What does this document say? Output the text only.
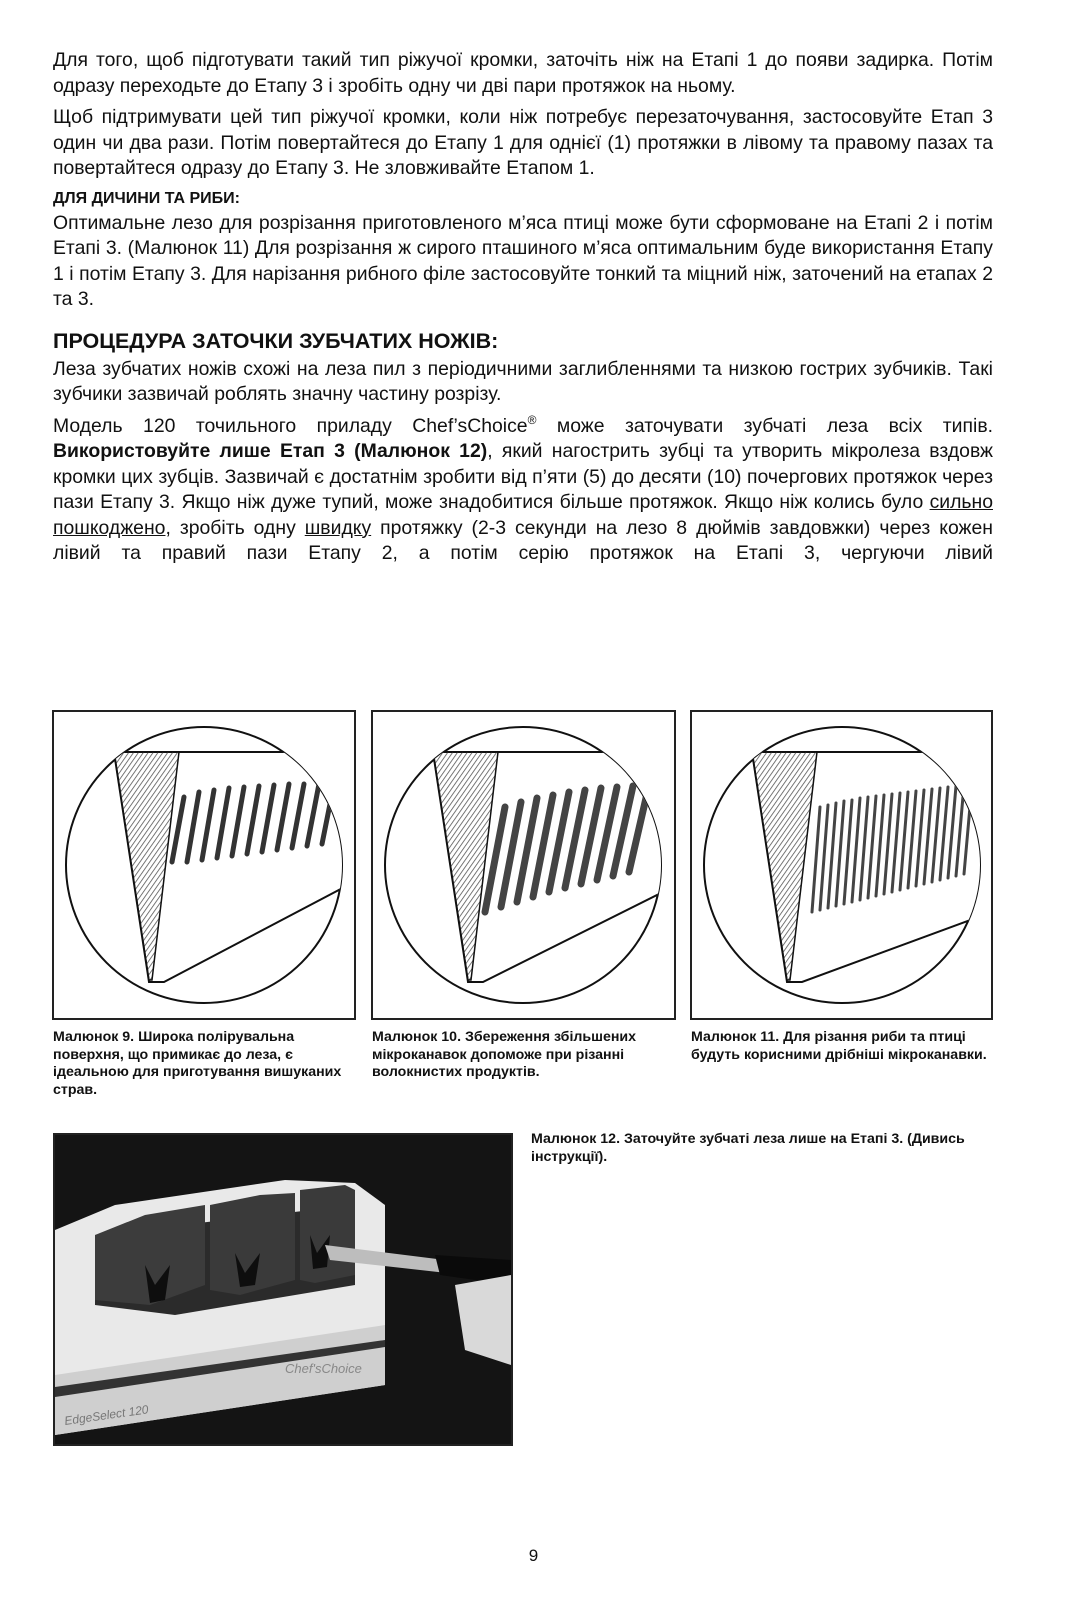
Для того, щоб підготувати такий тип ріжучої кромки, заточіть ніж на Етапі 1 до появи задирка. Потім одразу переходьте до Етапу 3 і зробіть одну чи дві пари протяжок на ньому.

Щоб підтримувати цей тип ріжучої кромки, коли ніж потребує перезаточування, застосовуйте Етап 3 один чи два рази. Потім повертайтеся до Етапу 1 для однієї (1) протяжки в лівому та правому пазах та повертайтеся одразу до Етапу 3. Не зловживайте Етапом 1.

ДЛЯ ДИЧИНИ ТА РИБИ:

Оптимальне лезо для розрізання приготовленого м’яса птиці може бути сформоване на Етапі 2 і потім Етапі 3. (Малюнок 11) Для розрізання ж сирого пташиного м’яса оптимальним буде використання Етапу 1 і потім Етапу 3. Для нарізання рибного філе застосовуйте тонкий та міцний ніж, заточений на етапах 2 та 3.

ПРОЦЕДУРА ЗАТОЧКИ ЗУБЧАТИХ НОЖІВ:

Леза зубчатих ножів схожі на леза пил з періодичними заглибленнями та низкою гострих зубчиків. Такі зубчики зазвичай роблять значну частину розрізу.

Модель 120 точильного приладу Chef’sChoice® може заточувати зубчаті леза всіх типів. Використовуйте лише Етап 3 (Малюнок 12), який нагострить зубці та утворить мікролеза вздовж кромки цих зубців. Зазвичай є достатнім зробити від п’яти (5) до десяти (10) почергових протяжок через пази Етапу 3. Якщо ніж дуже тупий, може знадобитися більше протяжок. Якщо ніж колись було сильно пошкоджено, зробіть одну швидку протяжку (2-3 секунди на лезо 8 дюймів завдовжки) через кожен лівий та правий пази Етапу 2, а потім серію протяжок на Етапі 3, чергуючи лівий

Малюнок 9. Широка полірувальна поверхня, що примикає до леза, є ідеальною для приготування вишуканих страв.

Малюнок 10. Збереження збільшених мікроканавок допоможе при різанні волокнистих продуктів.

Малюнок 11. Для різання риби та птиці будуть корисними дрібніші мікроканавки.

Chef'sChoice
EdgeSelect 120

Малюнок 12. Заточуйте зубчаті леза лише на Етапі 3. (Дивись інструкції).

9
